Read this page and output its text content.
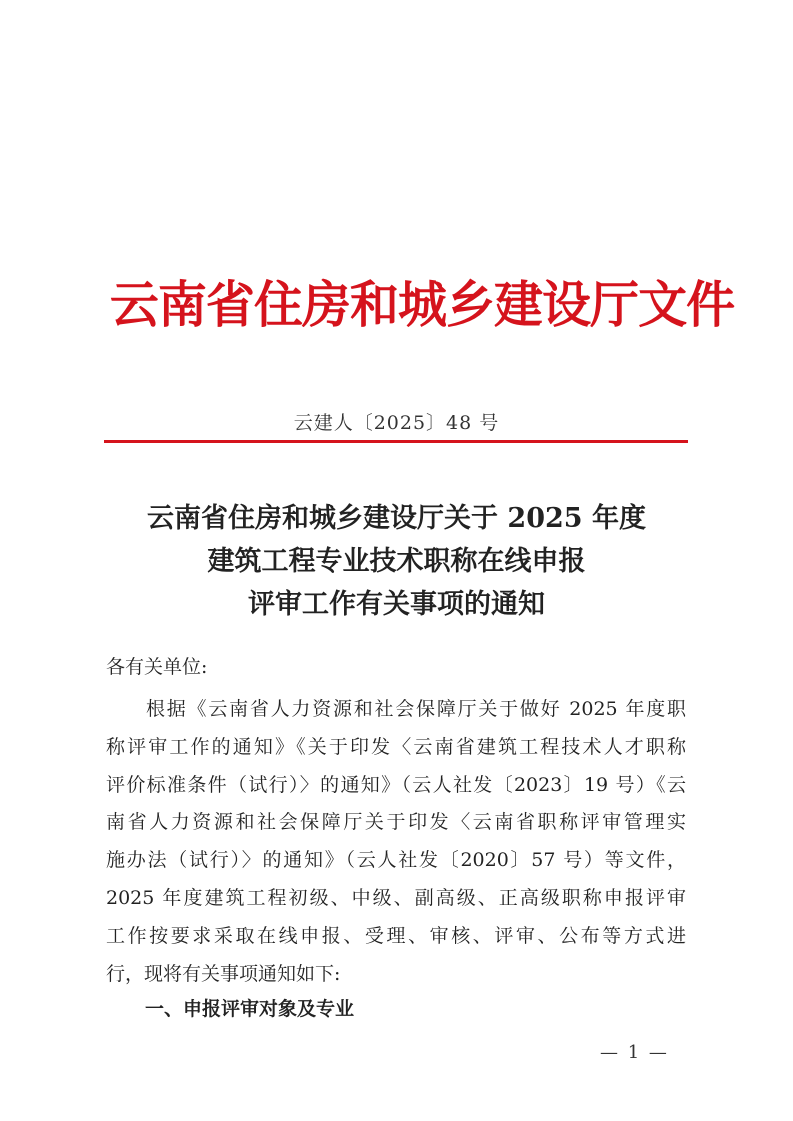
云南省住房和城乡建设厅文件
云建人〔2025〕48 号
云南省住房和城乡建设厅关于 2025 年度
建筑工程专业技术职称在线申报
评审工作有关事项的通知
各有关单位:
根据《云南省人力资源和社会保障厅关于做好 2025 年度职
称评审工作的通知》《关于印发〈云南省建筑工程技术人才职称
评价标准条件（试行）〉的通知》（云人社发〔2023〕19 号）《云
南省人力资源和社会保障厅关于印发〈云南省职称评审管理实
施办法（试行）〉的通知》（云人社发〔2020〕57 号）等文件，
2025 年度建筑工程初级、中级、副高级、正高级职称申报评审
工作按要求采取在线申报、受理、审核、评审、公布等方式进
行，现将有关事项通知如下:
一、申报评审对象及专业
— 1 —
